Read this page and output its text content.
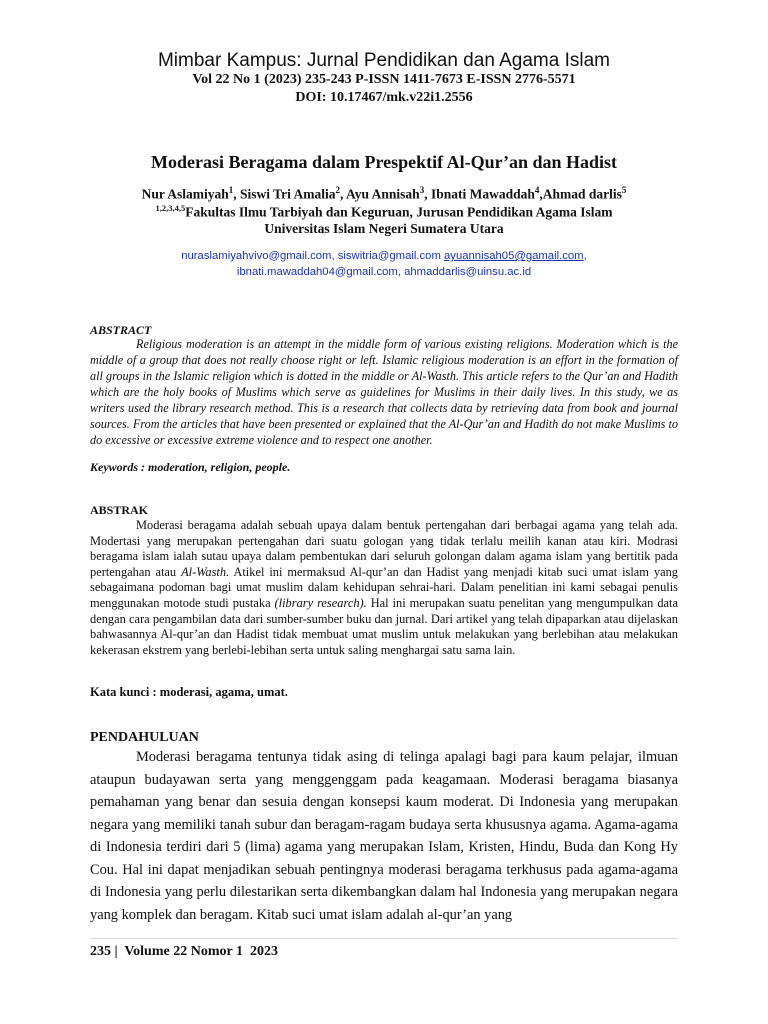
Mimbar Kampus: Jurnal Pendidikan dan Agama Islam
Vol 22 No 1 (2023) 235-243 P-ISSN 1411-7673 E-ISSN 2776-5571
DOI: 10.17467/mk.v22i1.2556
Moderasi Beragama dalam Prespektif Al-Qur’an dan Hadist
Nur Aslamiyah$^1$, Siswi Tri Amalia$^2$, Ayu Annisah$^3$, Ibnati Mawaddah$^4$,Ahmad darlis$^5$
$^{1,2,3,4,5}$Fakultas Ilmu Tarbiyah dan Keguruan, Jurusan Pendidikan Agama Islam
Universitas Islam Negeri Sumatera Utara
nuraslamiyahvivo@gmail.com, siswitria@gmail.com ayuannisah05@gamail.com,
ibnati.mawaddah04@gmail.com, ahmaddarlis@uinsu.ac.id
ABSTRACT
Religious moderation is an attempt in the middle form of various existing religions. Moderation which is the middle of a group that does not really choose right or left. Islamic religious moderation is an effort in the formation of all groups in the Islamic religion which is dotted in the middle or Al-Wasth. This article refers to the Qur’an and Hadith which are the holy books of Muslims which serve as guidelines for Muslims in their daily lives. In this study, we as writers used the library research method. This is a research that collects data by retrieving data from book and journal sources. From the articles that have been presented or explained that the Al-Qur’an and Hadith do not make Muslims to do excessive or excessive extreme violence and to respect one another.
Keywords : moderation, religion, people.
ABSTRAK
Moderasi beragama adalah sebuah upaya dalam bentuk pertengahan dari berbagai agama yang telah ada. Modertasi yang merupakan pertengahan dari suatu gologan yang tidak terlalu meilih kanan atau kiri. Modrasi beragama islam ialah sutau upaya dalam pembentukan dari seluruh golongan dalam agama islam yang bertitik pada pertengahan atau Al-Wasth. Atikel ini mermaksud Al-qur’an dan Hadist yang menjadi kitab suci umat islam yang sebagaimana podoman bagi umat muslim dalam kehidupan sehrai-hari. Dalam penelitian ini kami sebagai penulis menggunakan motode studi pustaka (library research). Hal ini merupakan suatu penelitan yang mengumpulkan data dengan cara pengambilan data dari sumber-sumber buku dan jurnal. Dari artikel yang telah dipaparkan atau dijelaskan bahwasannya Al-qur’an dan Hadist tidak membuat umat muslim untuk melakukan yang berlebihan atau melakukan kekerasan ekstrem yang berlebi-lebihan serta untuk saling menghargai satu sama lain.
Kata kunci : moderasi, agama, umat.
PENDAHULUAN
Moderasi beragama tentunya tidak asing di telinga apalagi bagi para kaum pelajar, ilmuan ataupun budayawan serta yang menggenggam pada keagamaan. Moderasi beragama biasanya pemahaman yang benar dan sesuia dengan konsepsi kaum moderat. Di Indonesia yang merupakan negara yang memiliki tanah subur dan beragam-ragam budaya serta khususnya agama. Agama-agama di Indonesia terdiri dari 5 (lima) agama yang merupakan Islam, Kristen, Hindu, Buda dan Kong Hy Cou. Hal ini dapat menjadikan sebuah pentingnya moderasi beragama terkhusus pada agama-agama di Indonesia yang perlu dilestarikan serta dikembangkan dalam hal Indonesia yang merupakan negara yang komplek dan beragam. Kitab suci umat islam adalah al-qur’an yang
235 |  Volume 22 Nomor 1  2023
